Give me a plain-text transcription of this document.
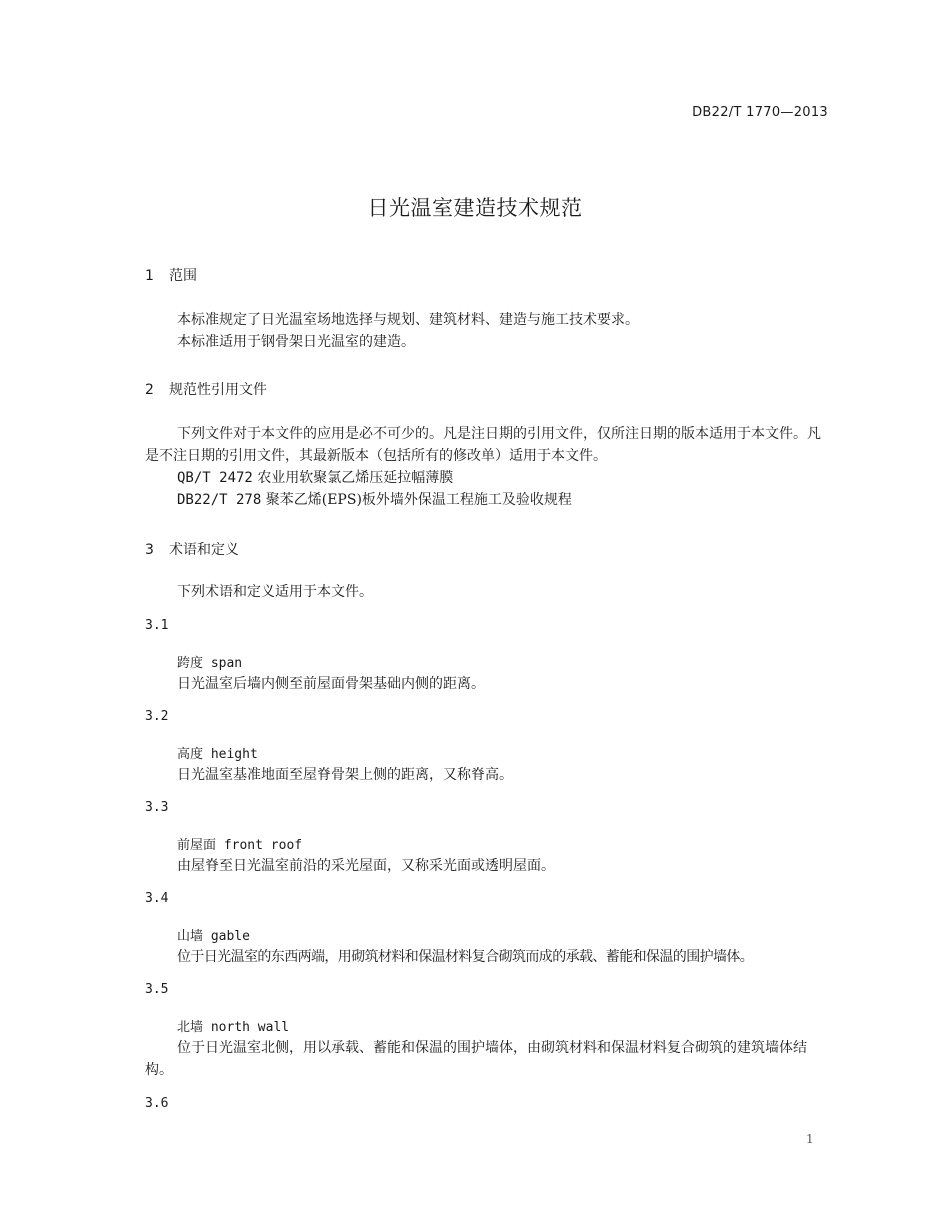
DB22/T 1770—2013
日光温室建造技术规范
1 范围
本标准规定了日光温室场地选择与规划、建筑材料、建造与施工技术要求。
本标准适用于钢骨架日光温室的建造。
2 规范性引用文件
下列文件对于本文件的应用是必不可少的。凡是注日期的引用文件，仅所注日期的版本适用于本文件。凡是不注日期的引用文件，其最新版本（包括所有的修改单）适用于本文件。
QB/T 2472 农业用软聚氯乙烯压延拉幅薄膜
DB22/T 278 聚苯乙烯(EPS)板外墙外保温工程施工及验收规程
3 术语和定义
下列术语和定义适用于本文件。
3.1
跨度 span
日光温室后墙内侧至前屋面骨架基础内侧的距离。
3.2
高度 height
日光温室基准地面至屋脊骨架上侧的距离，又称脊高。
3.3
前屋面 front roof
由屋脊至日光温室前沿的采光屋面，又称采光面或透明屋面。
3.4
山墙 gable
位于日光温室的东西两端，用砌筑材料和保温材料复合砌筑而成的承载、蓄能和保温的围护墙体。
3.5
北墙 north wall
位于日光温室北侧，用以承载、蓄能和保温的围护墙体，由砌筑材料和保温材料复合砌筑的建筑墙体结构。
3.6
1
